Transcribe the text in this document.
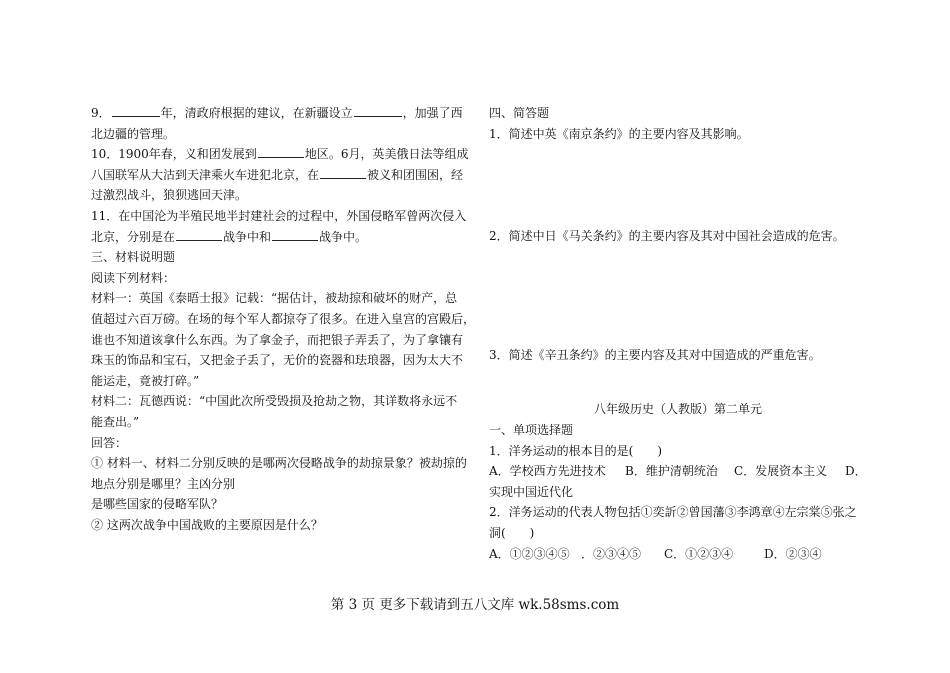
9．	年，清政府根据的建议，在新疆设立	，加强了西
北边疆的管理。
10．1900年春，义和团发展到	地区。6月，英美俄日法等组成
八国联军从大沽到天津乘火车进犯北京，在	被义和团围困，经
过激烈战斗，狼狈逃回天津。
11．在中国沦为半殖民地半封建社会的过程中，外国侵略军曾两次侵入
北京，分别是在	战争中和	战争中。
三、材料说明题
阅读下列材料：
材料一：英国《泰晤士报》记载：“据估计，被劫掠和破坏的财产，总
值超过六百万磅。在场的每个军人都掠夺了很多。在进入皇宫的宫殿后，
谁也不知道该拿什么东西。为了拿金子，而把银子弄丢了，为了拿镶有
珠玉的饰品和宝石，又把金子丢了，无价的瓷器和珐琅器，因为太大不
能运走，竟被打碎。”
材料二：瓦德西说：“中国此次所受毁损及抢劫之物，其详数将永远不
能查出。”
回答：
① 材料一、材料二分别反映的是哪两次侵略战争的劫掠景象？被劫掠的
地点分别是哪里？主凶分别
是哪些国家的侵略军队？
② 这两次战争中国战败的主要原因是什么？
四、简答题
1．简述中英《南京条约》的主要内容及其影响。
2．简述中日《马关条约》的主要内容及其对中国社会造成的危害。
3．简述《辛丑条约》的主要内容及其对中国造成的严重危害。
八年级历史（人教版）第二单元
一、单项选择题
1．洋务运动的根本目的是(　　)
A．学校西方先进技术 B．维护清朝统治 C．发展资本主义 D．
实现中国近代化
2．洋务运动的代表人物包括①奕訢②曾国藩③李鸿章④左宗棠⑤张之
洞(　　)
A．①②③④⑤ ．②③④⑤ C．①②③④	D．②③④
第 3 页 更多下载请到五八文库 wk.58sms.com
